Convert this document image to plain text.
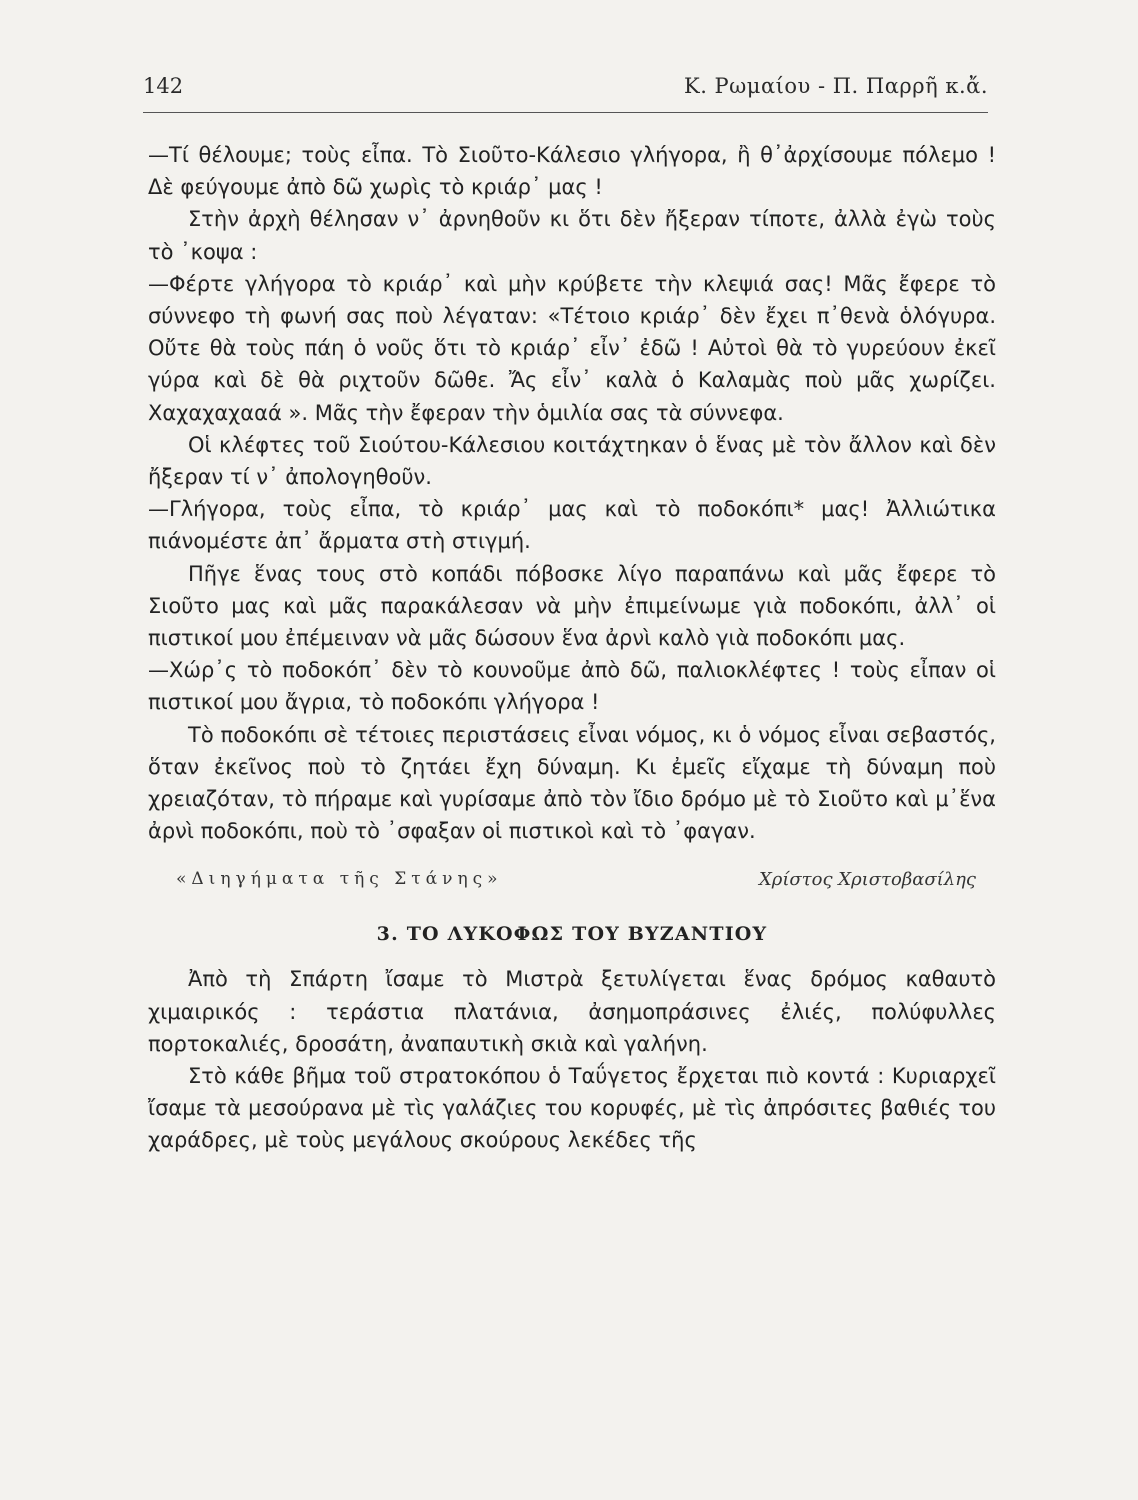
142	Κ. Ρωμαίου - Π. Παρρῆ κ.ἄ.

—Τί θέλουμε; τοὺς εἶπα. Τὸ Σιοῦτο-Κάλεσιο γλήγορα, ἢ θ᾽ἀρχίσουμε πόλεμο ! Δὲ φεύγουμε ἀπὸ δῶ χωρὶς τὸ κριάρ᾽ μας !

Στὴν ἀρχὴ θέλησαν ν᾽ ἀρνηθοῦν κι ὅτι δὲν ἤξεραν τίποτε, ἀλλὰ ἐγὼ τοὺς τὸ ᾽κοψα :

—Φέρτε γλήγορα τὸ κριάρ᾽ καὶ μὴν κρύβετε τὴν κλεψιά σας! Μᾶς ἔφερε τὸ σύννεφο τὴ φωνή σας ποὺ λέγαταν: «Τέτοιο κριάρ᾽ δὲν ἔχει π᾽θενὰ ὁλόγυρα. Οὔτε θὰ τοὺς πάη ὁ νοῦς ὅτι τὸ κριάρ᾽ εἶν᾽ ἐδῶ ! Αὐτοὶ θὰ τὸ γυρεύουν ἐκεῖ γύρα καὶ δὲ θὰ ριχτοῦν δῶθε. Ἄς εἶν᾽ καλὰ ὁ Καλαμὰς ποὺ μᾶς χωρίζει. Χαχαχαχααά ». Μᾶς τὴν ἔφεραν τὴν ὁμιλία σας τὰ σύννεφα.

Οἱ κλέφτες τοῦ Σιούτου-Κάλεσιου κοιτάχτηκαν ὁ ἕνας μὲ τὸν ἄλλον καὶ δὲν ἤξεραν τί ν᾽ ἀπολογηθοῦν.

—Γλήγορα, τοὺς εἶπα, τὸ κριάρ᾽ μας καὶ τὸ ποδοκόπι* μας! Ἀλλιώτικα πιάνομέστε ἀπ᾽ ἄρματα στὴ στιγμή.

Πῆγε ἕνας τους στὸ κοπάδι πόβοσκε λίγο παραπάνω καὶ μᾶς ἔφερε τὸ Σιοῦτο μας καὶ μᾶς παρακάλεσαν νὰ μὴν ἐπιμείνωμε γιὰ ποδοκόπι, ἀλλ᾽ οἱ πιστικοί μου ἐπέμειναν νὰ μᾶς δώσουν ἕνα ἀρνὶ καλὸ γιὰ ποδοκόπι μας.

—Χώρ᾽ς τὸ ποδοκόπ᾽ δὲν τὸ κουνοῦμε ἀπὸ δῶ, παλιοκλέφτες ! τοὺς εἶπαν οἱ πιστικοί μου ἄγρια, τὸ ποδοκόπι γλήγορα !

Τὸ ποδοκόπι σὲ τέτοιες περιστάσεις εἶναι νόμος, κι ὁ νόμος εἶναι σεβαστός, ὅταν ἐκεῖνος ποὺ τὸ ζητάει ἔχη δύναμη. Κι ἐμεῖς εἴχαμε τὴ δύναμη ποὺ χρειαζόταν, τὸ πήραμε καὶ γυρίσαμε ἀπὸ τὸν ἴδιο δρόμο μὲ τὸ Σιοῦτο καὶ μ᾽ἕνα ἀρνὶ ποδοκόπι, ποὺ τὸ ᾽σφαξαν οἱ πιστικοὶ καὶ τὸ ᾽φαγαν.

«Διηγήματα τῆς Στάνης»	Χρίστος Χριστοβασίλης
3. ΤΟ ΛΥΚΟΦΩΣ ΤΟΥ ΒΥΖΑΝΤΙΟΥ

Ἀπὸ τὴ Σπάρτη ἴσαμε τὸ Μιστρὰ ξετυλίγεται ἕνας δρόμος καθαυτὸ χιμαιρικός : τεράστια πλατάνια, ἀσημοπράσινες ἐλιές, πολύφυλλες πορτοκαλιές, δροσάτη, ἀναπαυτικὴ σκιὰ καὶ γαλήνη.

Στὸ κάθε βῆμα τοῦ στρατοκόπου ὁ Ταΰγετος ἔρχεται πιὸ κοντά : Κυριαρχεῖ ἴσαμε τὰ μεσούρανα μὲ τὶς γαλάζιες του κορυφές, μὲ τὶς ἀπρόσιτες βαθιές του χαράδρες, μὲ τοὺς μεγάλους σκούρους λεκέδες τῆς
